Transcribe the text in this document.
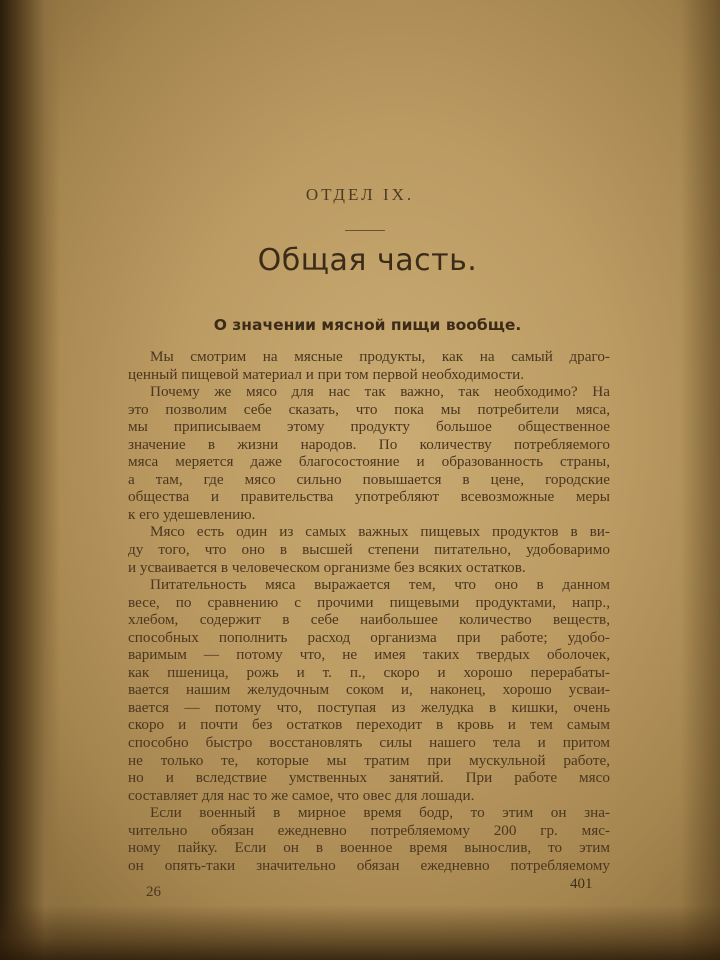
ОТДЕЛ IX.
Общая часть.
О значении мясной пищи вообще.
Мы смотрим на мясные продукты, как на самый драго-
ценный пищевой материал и при том первой необходимости.
Почему же мясо для нас так важно, так необходимо? На
это позволим себе сказать, что пока мы потребители мяса,
мы приписываем этому продукту большое общественное
значение в жизни народов. По количеству потребляемого
мяса меряется даже благосостояние и образованность страны,
а там, где мясо сильно повышается в цене, городские
общества и правительства употребляют всевозможные меры
к его удешевлению.
Мясо есть один из самых важных пищевых продуктов в ви-
ду того, что оно в высшей степени питательно, удобоваримо
и усваивается в человеческом организме без всяких остатков.
Питательность мяса выражается тем, что оно в данном
весе, по сравнению с прочими пищевыми продуктами, напр.,
хлебом, содержит в себе наибольшее количество веществ,
способных пополнить расход организма при работе; удобо-
варимым — потому что, не имея таких твердых оболочек,
как пшеница, рожь и т. п., скоро и хорошо перерабаты-
вается нашим желудочным соком и, наконец, хорошо усваи-
вается — потому что, поступая из желудка в кишки, очень
скоро и почти без остатков переходит в кровь и тем самым
способно быстро восстановлять силы нашего тела и притом
не только те, которые мы тратим при мускульной работе,
но и вследствие умственных занятий. При работе мясо
составляет для нас то же самое, что овес для лошади.
Если военный в мирное время бодр, то этим он зна-
чительно обязан ежедневно потребляемому 200 гр. мяс-
ному пайку. Если он в военное время вынослив, то этим
он опять-таки значительно обязан ежедневно потребляемому
26	401
